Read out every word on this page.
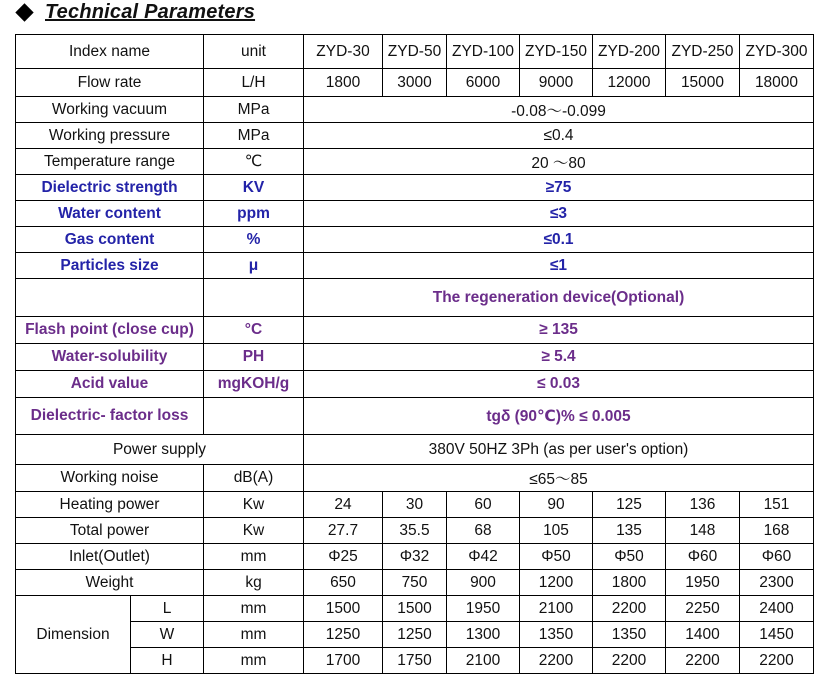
Technical Parameters
Index name		unit	ZYD-30	ZYD-50	ZYD-100	ZYD-150	ZYD-200	ZYD-250	ZYD-300
Flow rate		L/H	1800	3000	6000	9000	12000	15000	18000
Working vacuum		MPa	-0.08～-0.099						
Working pressure		MPa	≤0.4						
Temperature range		℃	20 ～80						
Dielectric strength		KV	≥75						
Water content		ppm	≤3						
Gas content		%	≤0.1						
Particles size		μ	≤1						
			The regeneration device(Optional)						
Flash point (close cup)		°C	≥ 135						
Water-solubility		PH	≥ 5.4						
Acid value		mgKOH/g	≤ 0.03						
Dielectric- factor loss			tgδ (90℃)% ≤ 0.005						
Power supply			380V 50HZ 3Ph (as per user's option)						
Working noise		dB(A)	≤65～85						
Heating power		Kw	24	30	60	90	125	136	151
Total power		Kw	27.7	35.5	68	105	135	148	168
Inlet(Outlet)		mm	Φ25	Φ32	Φ42	Φ50	Φ50	Φ60	Φ60
Weight		kg	650	750	900	1200	1800	1950	2300
Dimension	L	mm	1500	1500	1950	2100	2200	2250	2400
	W	mm	1250	1250	1300	1350	1350	1400	1450
	H	mm	1700	1750	2100	2200	2200	2200	2200
